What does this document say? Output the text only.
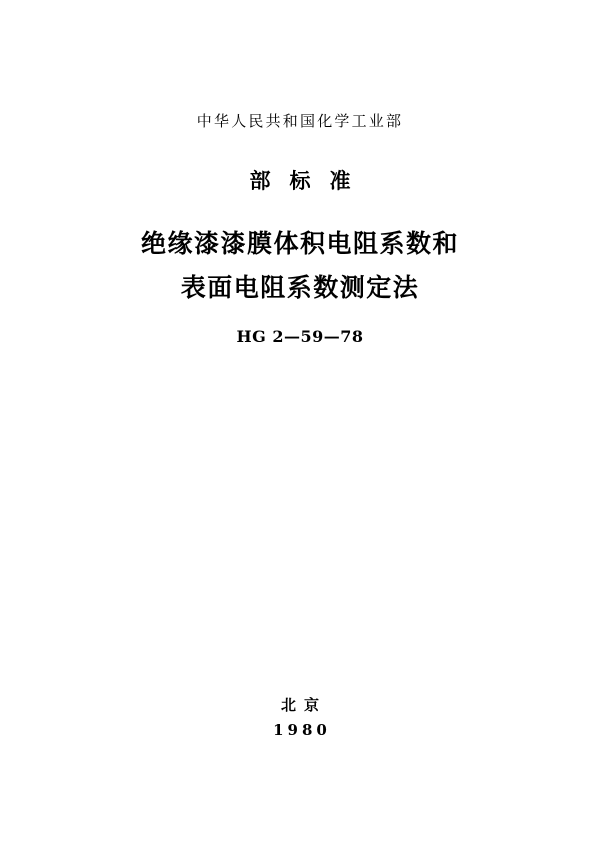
中华人民共和国化学工业部
部标准
绝缘漆漆膜体积电阻系数和
表面电阻系数测定法
HG 2—59—78
北京
1980
